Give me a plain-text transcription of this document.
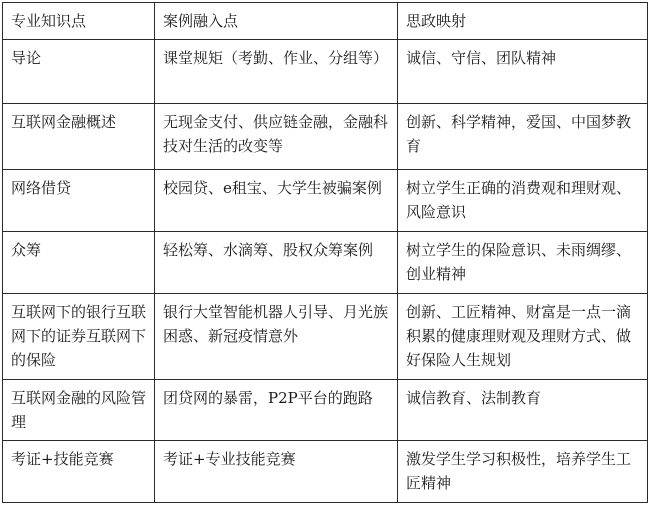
专业知识点	案例融入点	思政映射
导论	课堂规矩（考勤、作业、分组等）	诚信、守信、团队精神
互联网金融概述	无现金支付、供应链金融，金融科技对生活的改变等	创新、科学精神，爱国、中国梦教育
网络借贷	校园贷、e租宝、大学生被骗案例	树立学生正确的消费观和理财观、风险意识
众筹	轻松筹、水滴筹、股权众筹案例	树立学生的保险意识、未雨绸缪、创业精神
互联网下的银行互联网下的证券互联网下的保险	银行大堂智能机器人引导、月光族困惑、新冠疫情意外	创新、工匠精神、财富是一点一滴积累的健康理财观及理财方式、做好保险人生规划
互联网金融的风险管理	团贷网的暴雷，P2P平台的跑路	诚信教育、法制教育
考证+技能竞赛	考证+专业技能竞赛	激发学生学习积极性，培养学生工匠精神
